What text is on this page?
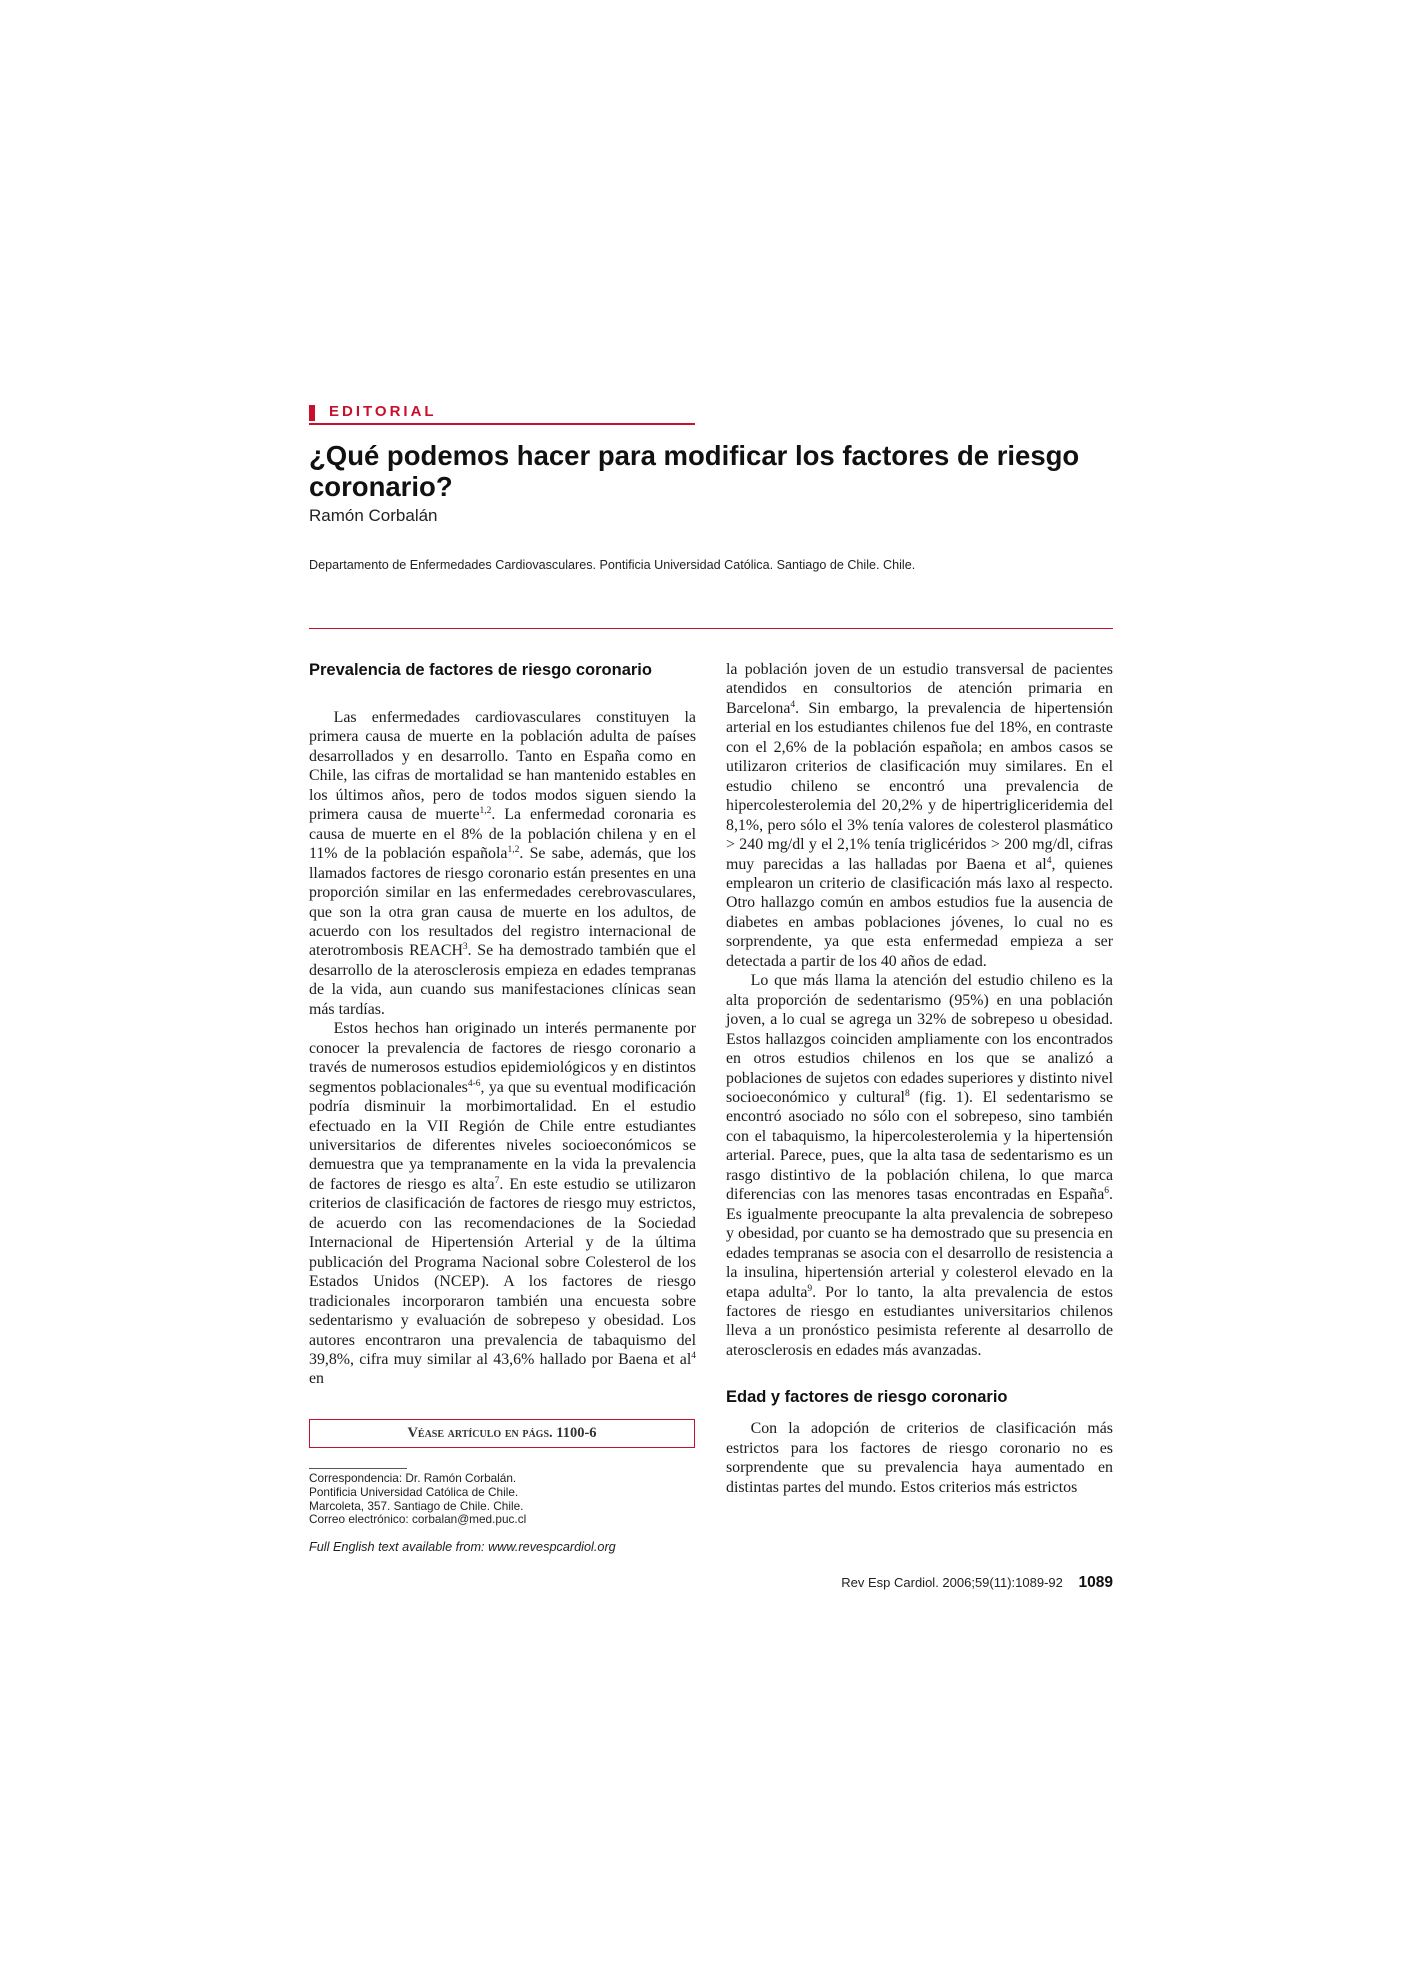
EDITORIAL
¿Qué podemos hacer para modificar los factores de riesgo coronario?
Ramón Corbalán
Departamento de Enfermedades Cardiovasculares. Pontificia Universidad Católica. Santiago de Chile. Chile.
Prevalencia de factores de riesgo coronario

Las enfermedades cardiovasculares constituyen la primera causa de muerte en la población adulta de países desarrollados y en desarrollo. Tanto en España como en Chile, las cifras de mortalidad se han mantenido estables en los últimos años, pero de todos modos siguen siendo la primera causa de muerte$^{1,2}$. La enfermedad coronaria es causa de muerte en el 8% de la población chilena y en el 11% de la población española$^{1,2}$. Se sabe, además, que los llamados factores de riesgo coronario están presentes en una proporción similar en las enfermedades cerebrovasculares, que son la otra gran causa de muerte en los adultos, de acuerdo con los resultados del registro internacional de aterotrombosis REACH$^3$. Se ha demostrado también que el desarrollo de la aterosclerosis empieza en edades tempranas de la vida, aun cuando sus manifestaciones clínicas sean más tardías.

Estos hechos han originado un interés permanente por conocer la prevalencia de factores de riesgo coronario a través de numerosos estudios epidemiológicos y en distintos segmentos poblacionales$^{4-6}$, ya que su eventual modificación podría disminuir la morbimortalidad. En el estudio efectuado en la VII Región de Chile entre estudiantes universitarios de diferentes niveles socioeconómicos se demuestra que ya tempranamente en la vida la prevalencia de factores de riesgo es alta$^7$. En este estudio se utilizaron criterios de clasificación de factores de riesgo muy estrictos, de acuerdo con las recomendaciones de la Sociedad Internacional de Hipertensión Arterial y de la última publicación del Programa Nacional sobre Colesterol de los Estados Unidos (NCEP). A los factores de riesgo tradicionales incorporaron también una encuesta sobre sedentarismo y evaluación de sobrepeso y obesidad. Los autores encontraron una prevalencia de tabaquismo del 39,8%, cifra muy similar al 43,6% hallado por Baena et $al^4$ en

Véase artículo en págs. 1100-6
Correspondencia: Dr. Ramón Corbalán.
Pontificia Universidad Católica de Chile.
Marcoleta, 357. Santiago de Chile. Chile.
Correo electrónico: corbalan@med.puc.cl
Full English text available from: www.revespcardiol.org

la población joven de un estudio transversal de pacientes atendidos en consultorios de atención primaria en Barcelona$^4$. Sin embargo, la prevalencia de hipertensión arterial en los estudiantes chilenos fue del 18%, en contraste con el 2,6% de la población española; en ambos casos se utilizaron criterios de clasificación muy similares. En el estudio chileno se encontró una prevalencia de hipercolesterolemia del 20,2% y de hipertrigliceridemia del 8,1%, pero sólo el 3% tenía valores de colesterol plasmático > 240 mg/dl y el 2,1% tenía triglicéridos > 200 mg/dl, cifras muy parecidas a las halladas por Baena et $al^4$, quienes emplearon un criterio de clasificación más laxo al respecto. Otro hallazgo común en ambos estudios fue la ausencia de diabetes en ambas poblaciones jóvenes, lo cual no es sorprendente, ya que esta enfermedad empieza a ser detectada a partir de los 40 años de edad.

Lo que más llama la atención del estudio chileno es la alta proporción de sedentarismo (95%) en una población joven, a lo cual se agrega un 32% de sobrepeso u obesidad. Estos hallazgos coinciden ampliamente con los encontrados en otros estudios chilenos en los que se analizó a poblaciones de sujetos con edades superiores y distinto nivel socioeconómico y cultural$^8$ (fig. 1). El sedentarismo se encontró asociado no sólo con el sobrepeso, sino también con el tabaquismo, la hipercolesterolemia y la hipertensión arterial. Parece, pues, que la alta tasa de sedentarismo es un rasgo distintivo de la población chilena, lo que marca diferencias con las menores tasas encontradas en España$^6$. Es igualmente preocupante la alta prevalencia de sobrepeso y obesidad, por cuanto se ha demostrado que su presencia en edades tempranas se asocia con el desarrollo de resistencia a la insulina, hipertensión arterial y colesterol elevado en la etapa adulta$^9$. Por lo tanto, la alta prevalencia de estos factores de riesgo en estudiantes universitarios chilenos lleva a un pronóstico pesimista referente al desarrollo de aterosclerosis en edades más avanzadas.

Edad y factores de riesgo coronario

Con la adopción de criterios de clasificación más estrictos para los factores de riesgo coronario no es sorprendente que su prevalencia haya aumentado en distintas partes del mundo. Estos criterios más estrictos

Rev Esp Cardiol. 2006;59(11):1089-92 1089
